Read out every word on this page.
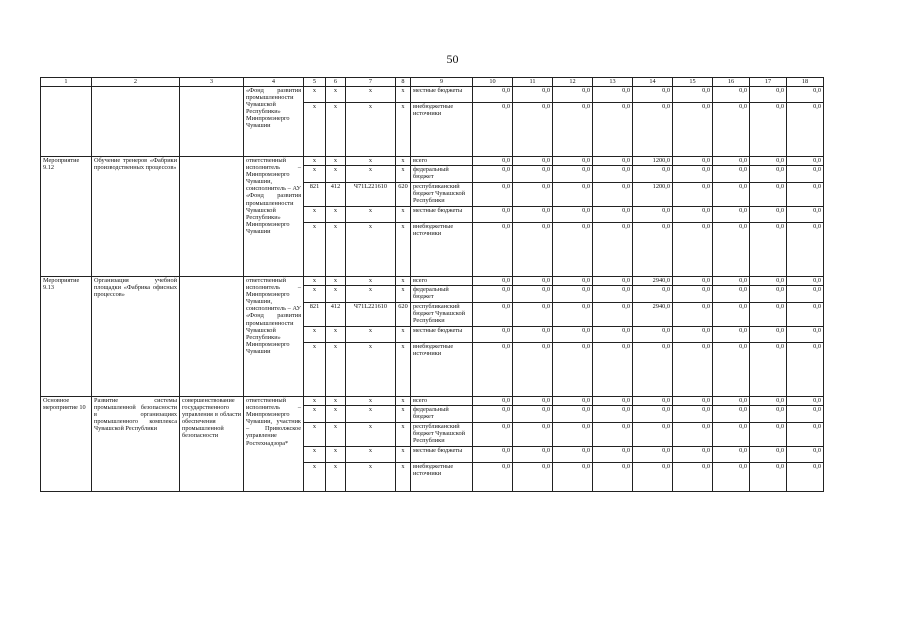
50
1	2	3	4	5	6	7	8	9	10	11	12	13	14	15	16	17	18
			«Фонд развития промышленности Чувашской Республики» Минпромэнерго Чувашии	х	х	х	х	местные бюджеты	0,0	0,0	0,0	0,0	0,0	0,0	0,0	0,0	0,0
				х	х	х	х	внебюджетные источники	0,0	0,0	0,0	0,0	0,0	0,0	0,0	0,0	0,0
Мероприятие 9.12	Обучение тренеров «Фабрики производственных процессов»		ответственный исполнитель – Минпромэнерго Чувашии, соисполнитель – АУ «Фонд развития промышленности Чувашской Республики» Минпромэнерго Чувашии	х	х	х	х	всего	0,0	0,0	0,0	0,0	1200,0	0,0	0,0	0,0	0,0
				х	х	х	х	федеральный бюджет	0,0	0,0	0,0	0,0	0,0	0,0	0,0	0,0	0,0
				821	412	Ч71L221610	620	республиканский бюджет Чувашской Республики	0,0	0,0	0,0	0,0	1200,0	0,0	0,0	0,0	0,0
				х	х	х	х	местные бюджеты	0,0	0,0	0,0	0,0	0,0	0,0	0,0	0,0	0,0
				х	х	х	х	внебюджетные источники	0,0	0,0	0,0	0,0	0,0	0,0	0,0	0,0	0,0
Мероприятие 9.13	Организация учебной площадки «Фабрика офисных процессов»		ответственный исполнитель – Минпромэнерго Чувашии, соисполнитель – АУ «Фонд развития промышленности Чувашской Республики» Минпромэнерго Чувашии	х	х	х	х	всего	0,0	0,0	0,0	0,0	2940,0	0,0	0,0	0,0	0,0
				х	х	х	х	федеральный бюджет	0,0	0,0	0,0	0,0	0,0	0,0	0,0	0,0	0,0
				821	412	Ч71L221610	620	республиканский бюджет Чувашской Республики	0,0	0,0	0,0	0,0	2940,0	0,0	0,0	0,0	0,0
				х	х	х	х	местные бюджеты	0,0	0,0	0,0	0,0	0,0	0,0	0,0	0,0	0,0
				х	х	х	х	внебюджетные источники	0,0	0,0	0,0	0,0	0,0	0,0	0,0	0,0	0,0
Основное мероприятие 10	Развитие системы промышленной безопасности в организациях промышленного комплекса Чувашской Республики	совершенствование государственного управления в области обеспечения промышленной безопасности	ответственный исполнитель – Минпромэнерго Чувашии, участник – Приволжское управление Ростехнадзора*	х	х	х	х	всего	0,0	0,0	0,0	0,0	0,0	0,0	0,0	0,0	0,0
				х	х	х	х	федеральный бюджет	0,0	0,0	0,0	0,0	0,0	0,0	0,0	0,0	0,0
				х	х	х	х	республиканский бюджет Чувашской Республики	0,0	0,0	0,0	0,0	0,0	0,0	0,0	0,0	0,0
				х	х	х	х	местные бюджеты	0,0	0,0	0,0	0,0	0,0	0,0	0,0	0,0	0,0
				х	х	х	х	внебюджетные источники	0,0	0,0	0,0	0,0	0,0	0,0	0,0	0,0	0,0
